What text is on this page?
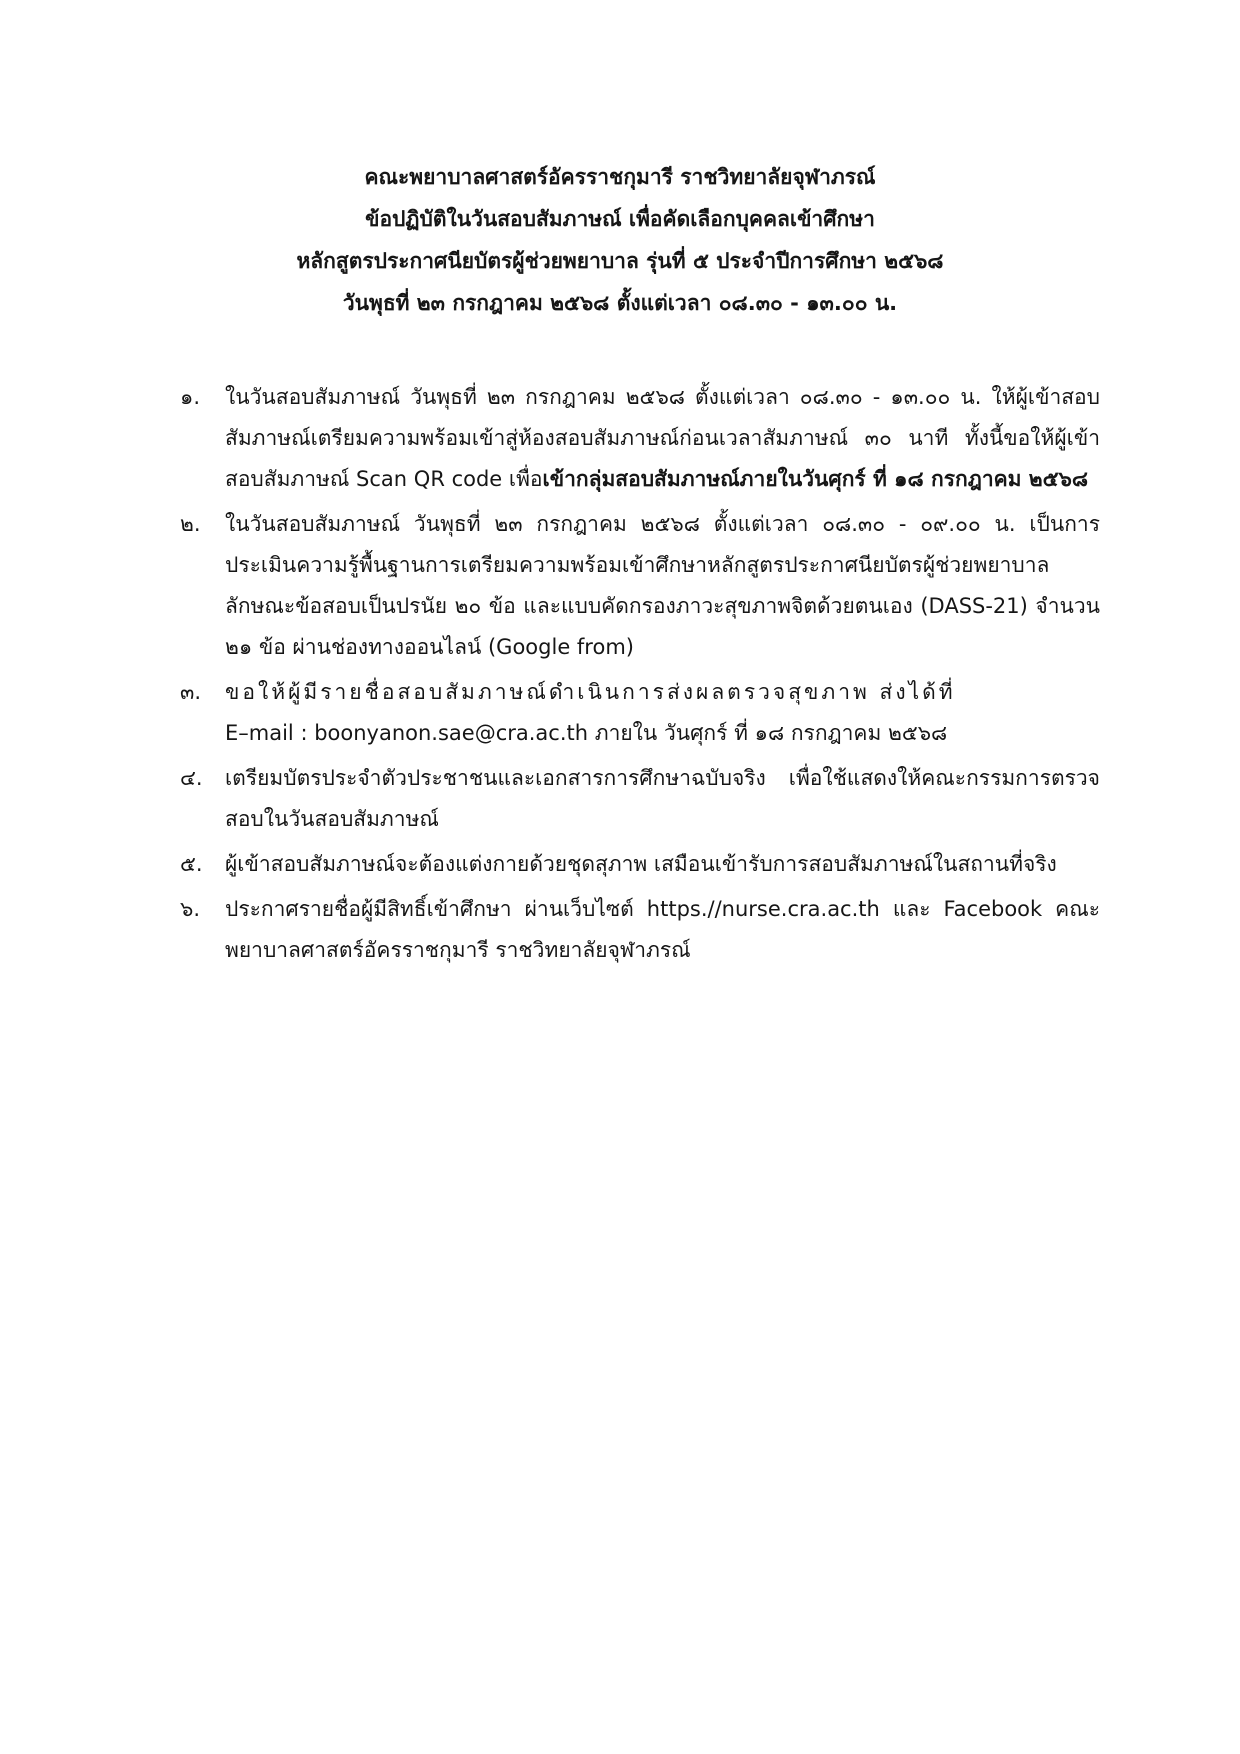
คณะพยาบาลศาสตร์อัครราชกุมารี ราชวิทยาลัยจุฬาภรณ์
ข้อปฏิบัติในวันสอบสัมภาษณ์ เพื่อคัดเลือกบุคคลเข้าศึกษา
หลักสูตรประกาศนียบัตรผู้ช่วยพยาบาล รุ่นที่ ๕ ประจำปีการศึกษา ๒๕๖๘
วันพุธที่ ๒๓ กรกฎาคม ๒๕๖๘ ตั้งแต่เวลา ๐๘.๓๐ - ๑๓.๐๐ น.
๑.	ในวันสอบสัมภาษณ์ วันพุธที่ ๒๓ กรกฎาคม ๒๕๖๘ ตั้งแต่เวลา ๐๘.๓๐ - ๑๓.๐๐ น. ให้ผู้เข้าสอบสัมภาษณ์เตรียมความพร้อมเข้าสู่ห้องสอบสัมภาษณ์ก่อนเวลาสัมภาษณ์ ๓๐ นาที ทั้งนี้ขอให้ผู้เข้าสอบสัมภาษณ์ Scan QR code เพื่อเข้ากลุ่มสอบสัมภาษณ์ภายในวันศุกร์ ที่ ๑๘ กรกฎาคม ๒๕๖๘
๒.	ในวันสอบสัมภาษณ์ วันพุธที่ ๒๓ กรกฎาคม ๒๕๖๘ ตั้งแต่เวลา ๐๘.๓๐ - ๐๙.๐๐ น. เป็นการประเมินความรู้พื้นฐานการเตรียมความพร้อมเข้าศึกษาหลักสูตรประกาศนียบัตรผู้ช่วยพยาบาล ลักษณะข้อสอบเป็นปรนัย ๒๐ ข้อ และแบบคัดกรองภาวะสุขภาพจิตด้วยตนเอง (DASS-21) จำนวน ๒๑ ข้อ ผ่านช่องทางออนไลน์ (Google from)
๓.	ขอให้ผู้มีรายชื่อสอบสัมภาษณ์ดำเนินการส่งผลตรวจสุขภาพ ส่งได้ที่
E–mail : boonyanon.sae@cra.ac.th ภายใน วันศุกร์ ที่ ๑๘ กรกฎาคม ๒๕๖๘
๔.	เตรียมบัตรประจำตัวประชาชนและเอกสารการศึกษาฉบับจริง เพื่อใช้แสดงให้คณะกรรมการตรวจสอบในวันสอบสัมภาษณ์
๕.	ผู้เข้าสอบสัมภาษณ์จะต้องแต่งกายด้วยชุดสุภาพ เสมือนเข้ารับการสอบสัมภาษณ์ในสถานที่จริง
๖.	ประกาศรายชื่อผู้มีสิทธิ์เข้าศึกษา ผ่านเว็บไซต์ https.//nurse.cra.ac.th และ Facebook คณะพยาบาลศาสตร์อัครราชกุมารี ราชวิทยาลัยจุฬาภรณ์
